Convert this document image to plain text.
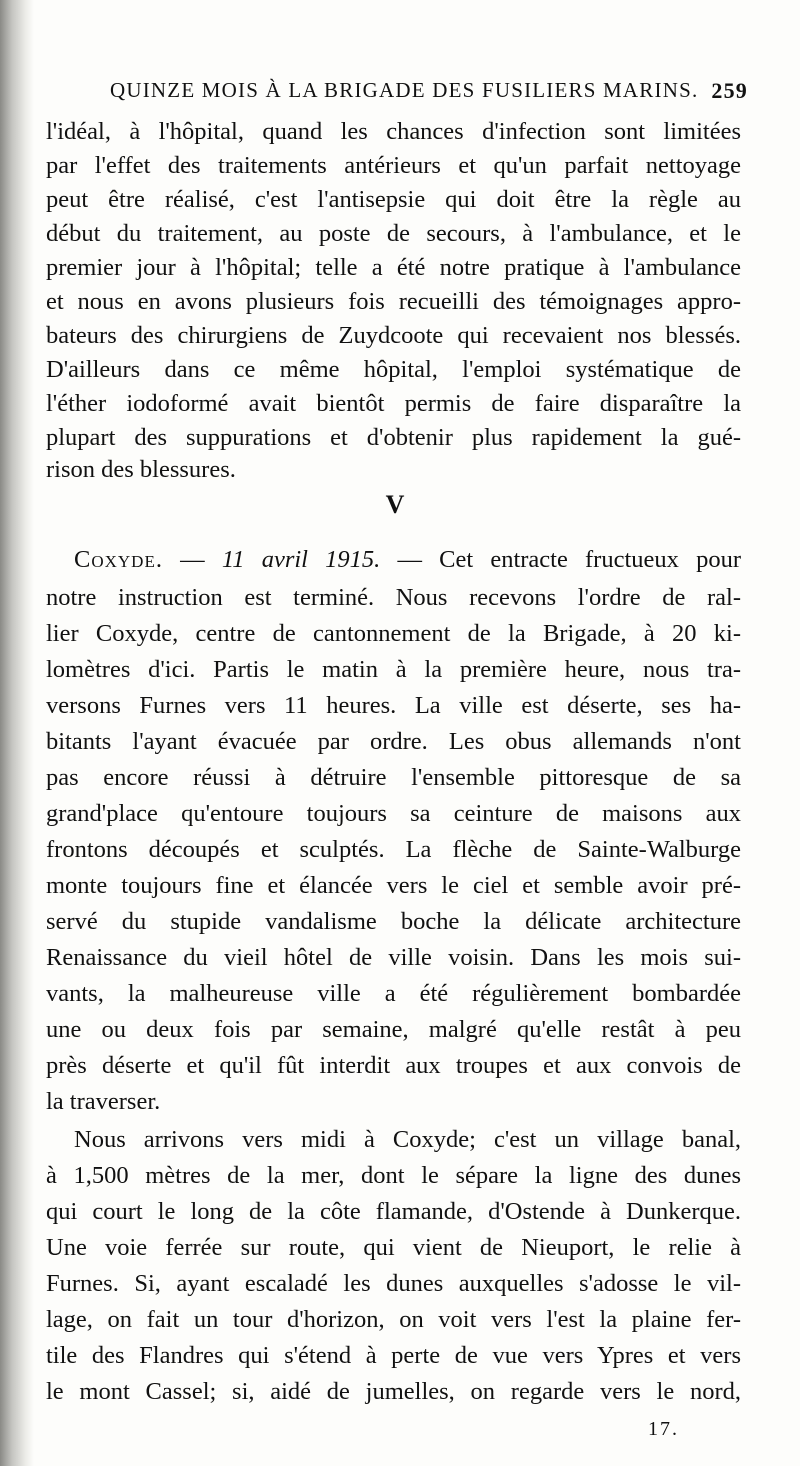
QUINZE MOIS À LA BRIGADE DES FUSILIERS MARINS. 259
l'idéal, à l'hôpital, quand les chances d'infection sont limitées
par l'effet des traitements antérieurs et qu'un parfait nettoyage
peut être réalisé, c'est l'antisepsie qui doit être la règle au
début du traitement, au poste de secours, à l'ambulance, et le
premier jour à l'hôpital; telle a été notre pratique à l'ambulance
et nous en avons plusieurs fois recueilli des témoignages appro-
bateurs des chirurgiens de Zuydcoote qui recevaient nos blessés.
D'ailleurs dans ce même hôpital, l'emploi systématique de
l'éther iodoformé avait bientôt permis de faire disparaître la
plupart des suppurations et d'obtenir plus rapidement la gué-
rison des blessures.
V
Coxyde. — 11 avril 1915. — Cet entracte fructueux pour
notre instruction est terminé. Nous recevons l'ordre de ral-
lier Coxyde, centre de cantonnement de la Brigade, à 20 ki-
lomètres d'ici. Partis le matin à la première heure, nous tra-
versons Furnes vers 11 heures. La ville est déserte, ses ha-
bitants l'ayant évacuée par ordre. Les obus allemands n'ont
pas encore réussi à détruire l'ensemble pittoresque de sa
grand'place qu'entoure toujours sa ceinture de maisons aux
frontons découpés et sculptés. La flèche de Sainte-Walburge
monte toujours fine et élancée vers le ciel et semble avoir pré-
servé du stupide vandalisme boche la délicate architecture
Renaissance du vieil hôtel de ville voisin. Dans les mois sui-
vants, la malheureuse ville a été régulièrement bombardée
une ou deux fois par semaine, malgré qu'elle restât à peu
près déserte et qu'il fût interdit aux troupes et aux convois de
la traverser.
Nous arrivons vers midi à Coxyde; c'est un village banal,
à 1,500 mètres de la mer, dont le sépare la ligne des dunes
qui court le long de la côte flamande, d'Ostende à Dunkerque.
Une voie ferrée sur route, qui vient de Nieuport, le relie à
Furnes. Si, ayant escaladé les dunes auxquelles s'adosse le vil-
lage, on fait un tour d'horizon, on voit vers l'est la plaine fer-
tile des Flandres qui s'étend à perte de vue vers Ypres et vers
le mont Cassel; si, aidé de jumelles, on regarde vers le nord,
17.
